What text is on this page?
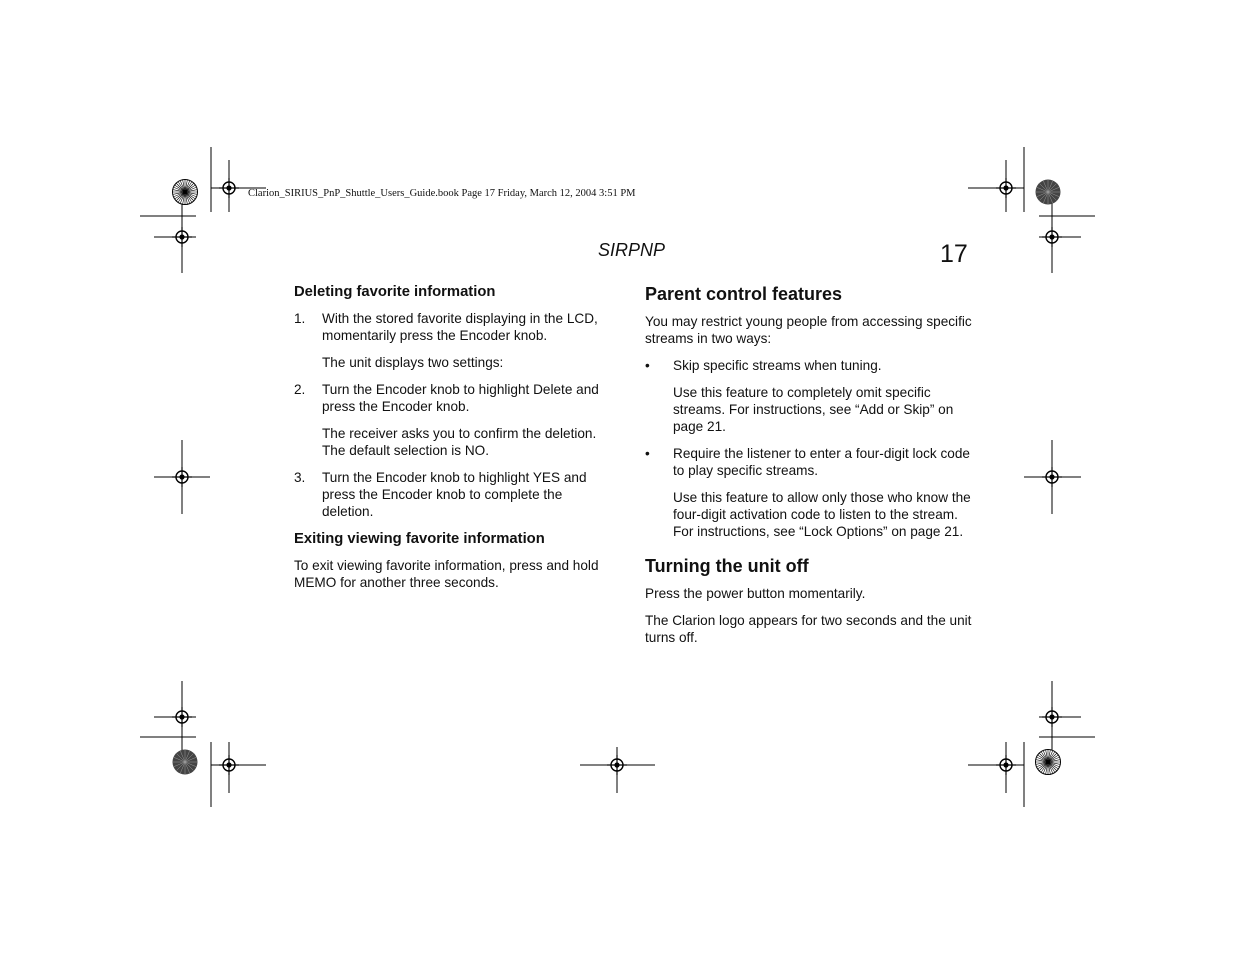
Clarion_SIRIUS_PnP_Shuttle_Users_Guide.book Page 17 Friday, March 12, 2004 3:51 PM
SIRPNP	17
Deleting favorite information
1.	With the stored favorite displaying in the LCD, momentarily press the Encoder knob.
The unit displays two settings:
2.	Turn the Encoder knob to highlight Delete and press the Encoder knob.
The receiver asks you to confirm the deletion. The default selection is NO.
3.	Turn the Encoder knob to highlight YES and press the Encoder knob to complete the deletion.
Exiting viewing favorite information
To exit viewing favorite information, press and hold MEMO for another three seconds.
Parent control features
You may restrict young people from accessing specific streams in two ways:
•	Skip specific streams when tuning.
Use this feature to completely omit specific streams. For instructions, see “Add or Skip” on page 21.
•	Require the listener to enter a four-digit lock code to play specific streams.
Use this feature to allow only those who know the four-digit activation code to listen to the stream. For instructions, see “Lock Options” on page 21.
Turning the unit off
Press the power button momentarily.
The Clarion logo appears for two seconds and the unit turns off.
